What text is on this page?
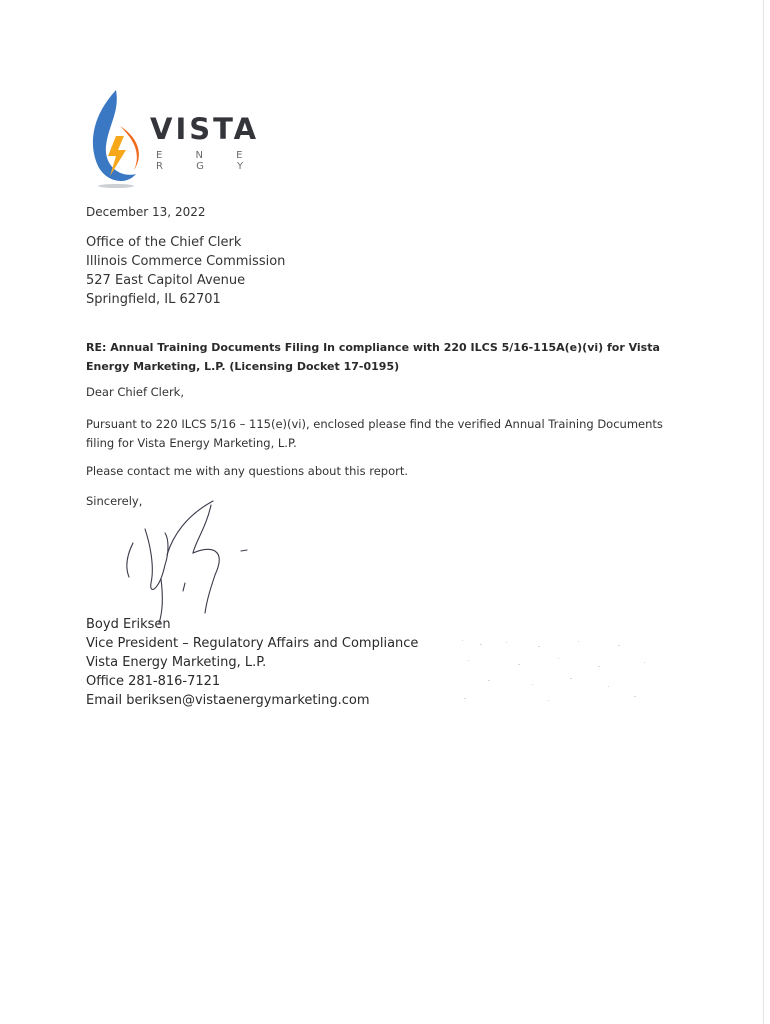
VISTA
E N E R G Y
December 13, 2022
Office of the Chief Clerk
Illinois Commerce Commission
527 East Capitol Avenue
Springfield, IL 62701
RE: Annual Training Documents Filing In compliance with 220 ILCS 5/16-115A(e)(vi) for Vista Energy Marketing, L.P. (Licensing Docket 17-0195)
Dear Chief Clerk,
Pursuant to 220 ILCS 5/16 – 115(e)(vi), enclosed please find the verified Annual Training Documents filing for Vista Energy Marketing, L.P.
Please contact me with any questions about this report.
Sincerely,
Boyd Eriksen
Vice President – Regulatory Affairs and Compliance
Vista Energy Marketing, L.P.
Office 281-816-7121
Email beriksen@vistaenergymarketing.com
